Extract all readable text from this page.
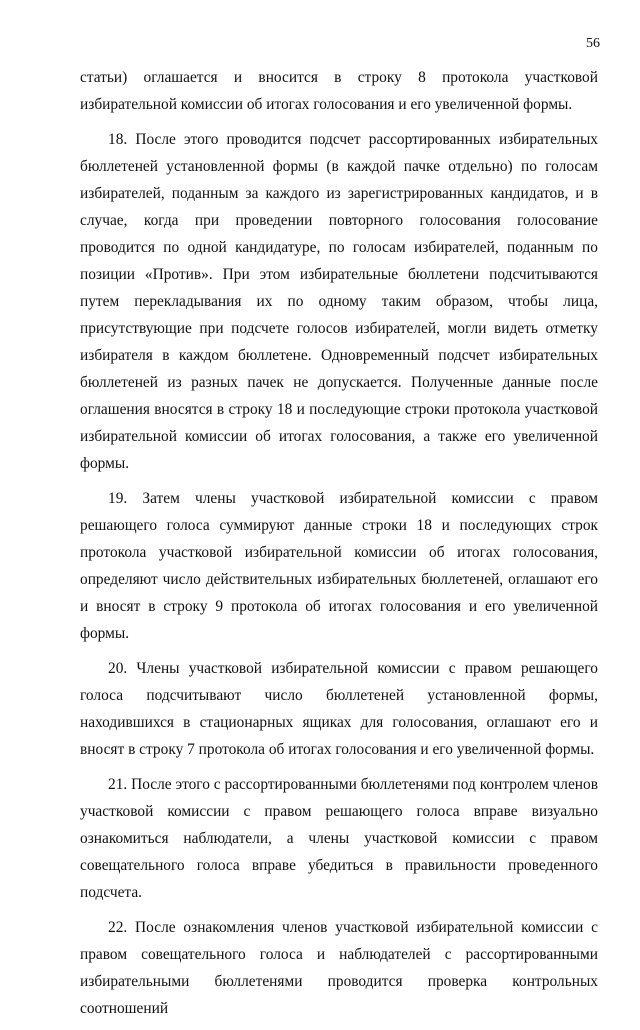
56

статьи) оглашается и вносится в строку 8 протокола участковой избирательной комиссии об итогах голосования и его увеличенной формы.

18. После этого проводится подсчет рассортированных избирательных бюллетеней установленной формы (в каждой пачке отдельно) по голосам избирателей, поданным за каждого из зарегистрированных кандидатов, и в случае, когда при проведении повторного голосования голосование проводится по одной кандидатуре, по голосам избирателей, поданным по позиции «Против». При этом избирательные бюллетени подсчитываются путем перекладывания их по одному таким образом, чтобы лица, присутствующие при подсчете голосов избирателей, могли видеть отметку избирателя в каждом бюллетене. Одновременный подсчет избирательных бюллетеней из разных пачек не допускается. Полученные данные после оглашения вносятся в строку 18 и последующие строки протокола участковой избирательной комиссии об итогах голосования, а также его увеличенной формы.

19. Затем члены участковой избирательной комиссии с правом решающего голоса суммируют данные строки 18 и последующих строк протокола участковой избирательной комиссии об итогах голосования, определяют число действительных избирательных бюллетеней, оглашают его и вносят в строку 9 протокола об итогах голосования и его увеличенной формы.

20. Члены участковой избирательной комиссии с правом решающего голоса подсчитывают число бюллетеней установленной формы, находившихся в стационарных ящиках для голосования, оглашают его и вносят в строку 7 протокола об итогах голосования и его увеличенной формы.

21. После этого с рассортированными бюллетенями под контролем членов участковой комиссии с правом решающего голоса вправе визуально ознакомиться наблюдатели, а члены участковой комиссии с правом совещательного голоса вправе убедиться в правильности проведенного подсчета.

22. После ознакомления членов участковой избирательной комиссии с правом совещательного голоса и наблюдателей с рассортированными избирательными бюллетенями проводится проверка контрольных соотношений
